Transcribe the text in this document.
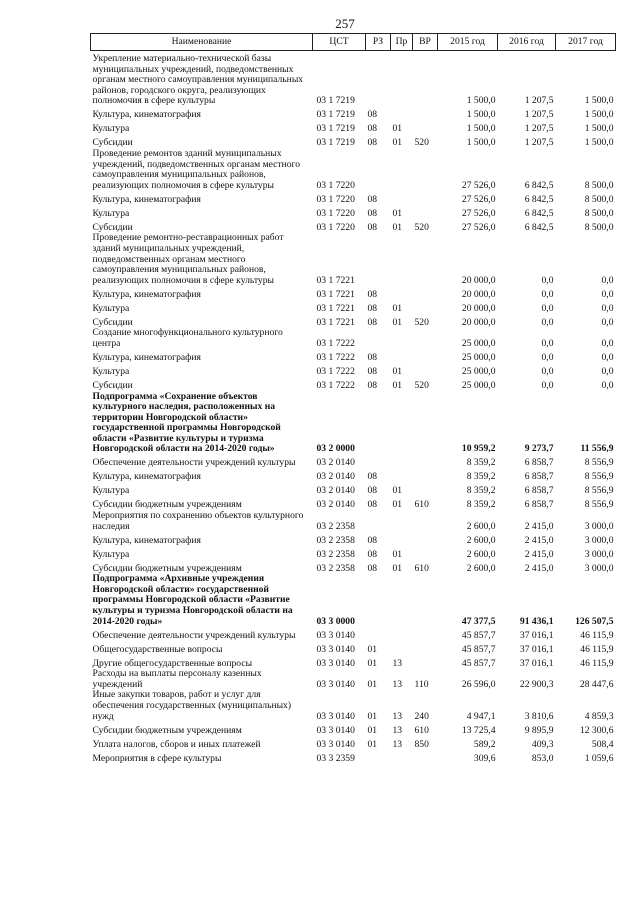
257
Наименование	ЦСТ	РЗ	Пр	ВР	2015 год	2016 год	2017 год
Укрепление материально-технической базы муниципальных учреждений, подведомственных органам местного самоуправления муниципальных районов, городского округа, реализующих полномочия в сфере культуры	03 1 7219				1 500,0	1 207,5	1 500,0
Культура, кинематография	03 1 7219	08			1 500,0	1 207,5	1 500,0
Культура	03 1 7219	08	01		1 500,0	1 207,5	1 500,0
Субсидии	03 1 7219	08	01	520	1 500,0	1 207,5	1 500,0
Проведение ремонтов зданий муниципальных учреждений, подведомственных органам местного самоуправления муниципальных районов, реализующих полномочия в сфере культуры	03 1 7220				27 526,0	6 842,5	8 500,0
Культура, кинематография	03 1 7220	08			27 526,0	6 842,5	8 500,0
Культура	03 1 7220	08	01		27 526,0	6 842,5	8 500,0
Субсидии	03 1 7220	08	01	520	27 526,0	6 842,5	8 500,0
Проведение ремонтно-реставрационных работ зданий муниципальных учреждений, подведомственных органам местного самоуправления муниципальных районов, реализующих полномочия в сфере культуры	03 1 7221				20 000,0	0,0	0,0
Культура, кинематография	03 1 7221	08			20 000,0	0,0	0,0
Культура	03 1 7221	08	01		20 000,0	0,0	0,0
Субсидии	03 1 7221	08	01	520	20 000,0	0,0	0,0
Создание многофункционального культурного центра	03 1 7222				25 000,0	0,0	0,0
Культура, кинематография	03 1 7222	08			25 000,0	0,0	0,0
Культура	03 1 7222	08	01		25 000,0	0,0	0,0
Субсидии	03 1 7222	08	01	520	25 000,0	0,0	0,0
Подпрограмма «Сохранение объектов культурного наследия, расположенных на территории Новгородской области» государственной программы Новгородской области «Развитие культуры и туризма Новгородской области на 2014-2020 годы»	03 2 0000				10 959,2	9 273,7	11 556,9
Обеспечение деятельности учреждений культуры	03 2 0140				8 359,2	6 858,7	8 556,9
Культура, кинематография	03 2 0140	08			8 359,2	6 858,7	8 556,9
Культура	03 2 0140	08	01		8 359,2	6 858,7	8 556,9
Субсидии бюджетным учреждениям	03 2 0140	08	01	610	8 359,2	6 858,7	8 556,9
Мероприятия по сохранению объектов культурного наследия	03 2 2358				2 600,0	2 415,0	3 000,0
Культура, кинематография	03 2 2358	08			2 600,0	2 415,0	3 000,0
Культура	03 2 2358	08	01		2 600,0	2 415,0	3 000,0
Субсидии бюджетным учреждениям	03 2 2358	08	01	610	2 600,0	2 415,0	3 000,0
Подпрограмма «Архивные учреждения Новгородской области» государственной программы Новгородской области «Развитие культуры и туризма Новгородской области на 2014-2020 годы»	03 3 0000				47 377,5	91 436,1	126 507,5
Обеспечение деятельности учреждений культуры	03 3 0140				45 857,7	37 016,1	46 115,9
Общегосударственные вопросы	03 3 0140	01			45 857,7	37 016,1	46 115,9
Другие общегосударственные вопросы	03 3 0140	01	13		45 857,7	37 016,1	46 115,9
Расходы на выплаты персоналу казенных учреждений	03 3 0140	01	13	110	26 596,0	22 900,3	28 447,6
Иные закупки товаров, работ и услуг для обеспечения государственных (муниципальных) нужд	03 3 0140	01	13	240	4 947,1	3 810,6	4 859,3
Субсидии бюджетным учреждениям	03 3 0140	01	13	610	13 725,4	9 895,9	12 300,6
Уплата налогов, сборов и иных платежей	03 3 0140	01	13	850	589,2	409,3	508,4
Мероприятия в сфере культуры	03 3 2359				309,6	853,0	1 059,6
